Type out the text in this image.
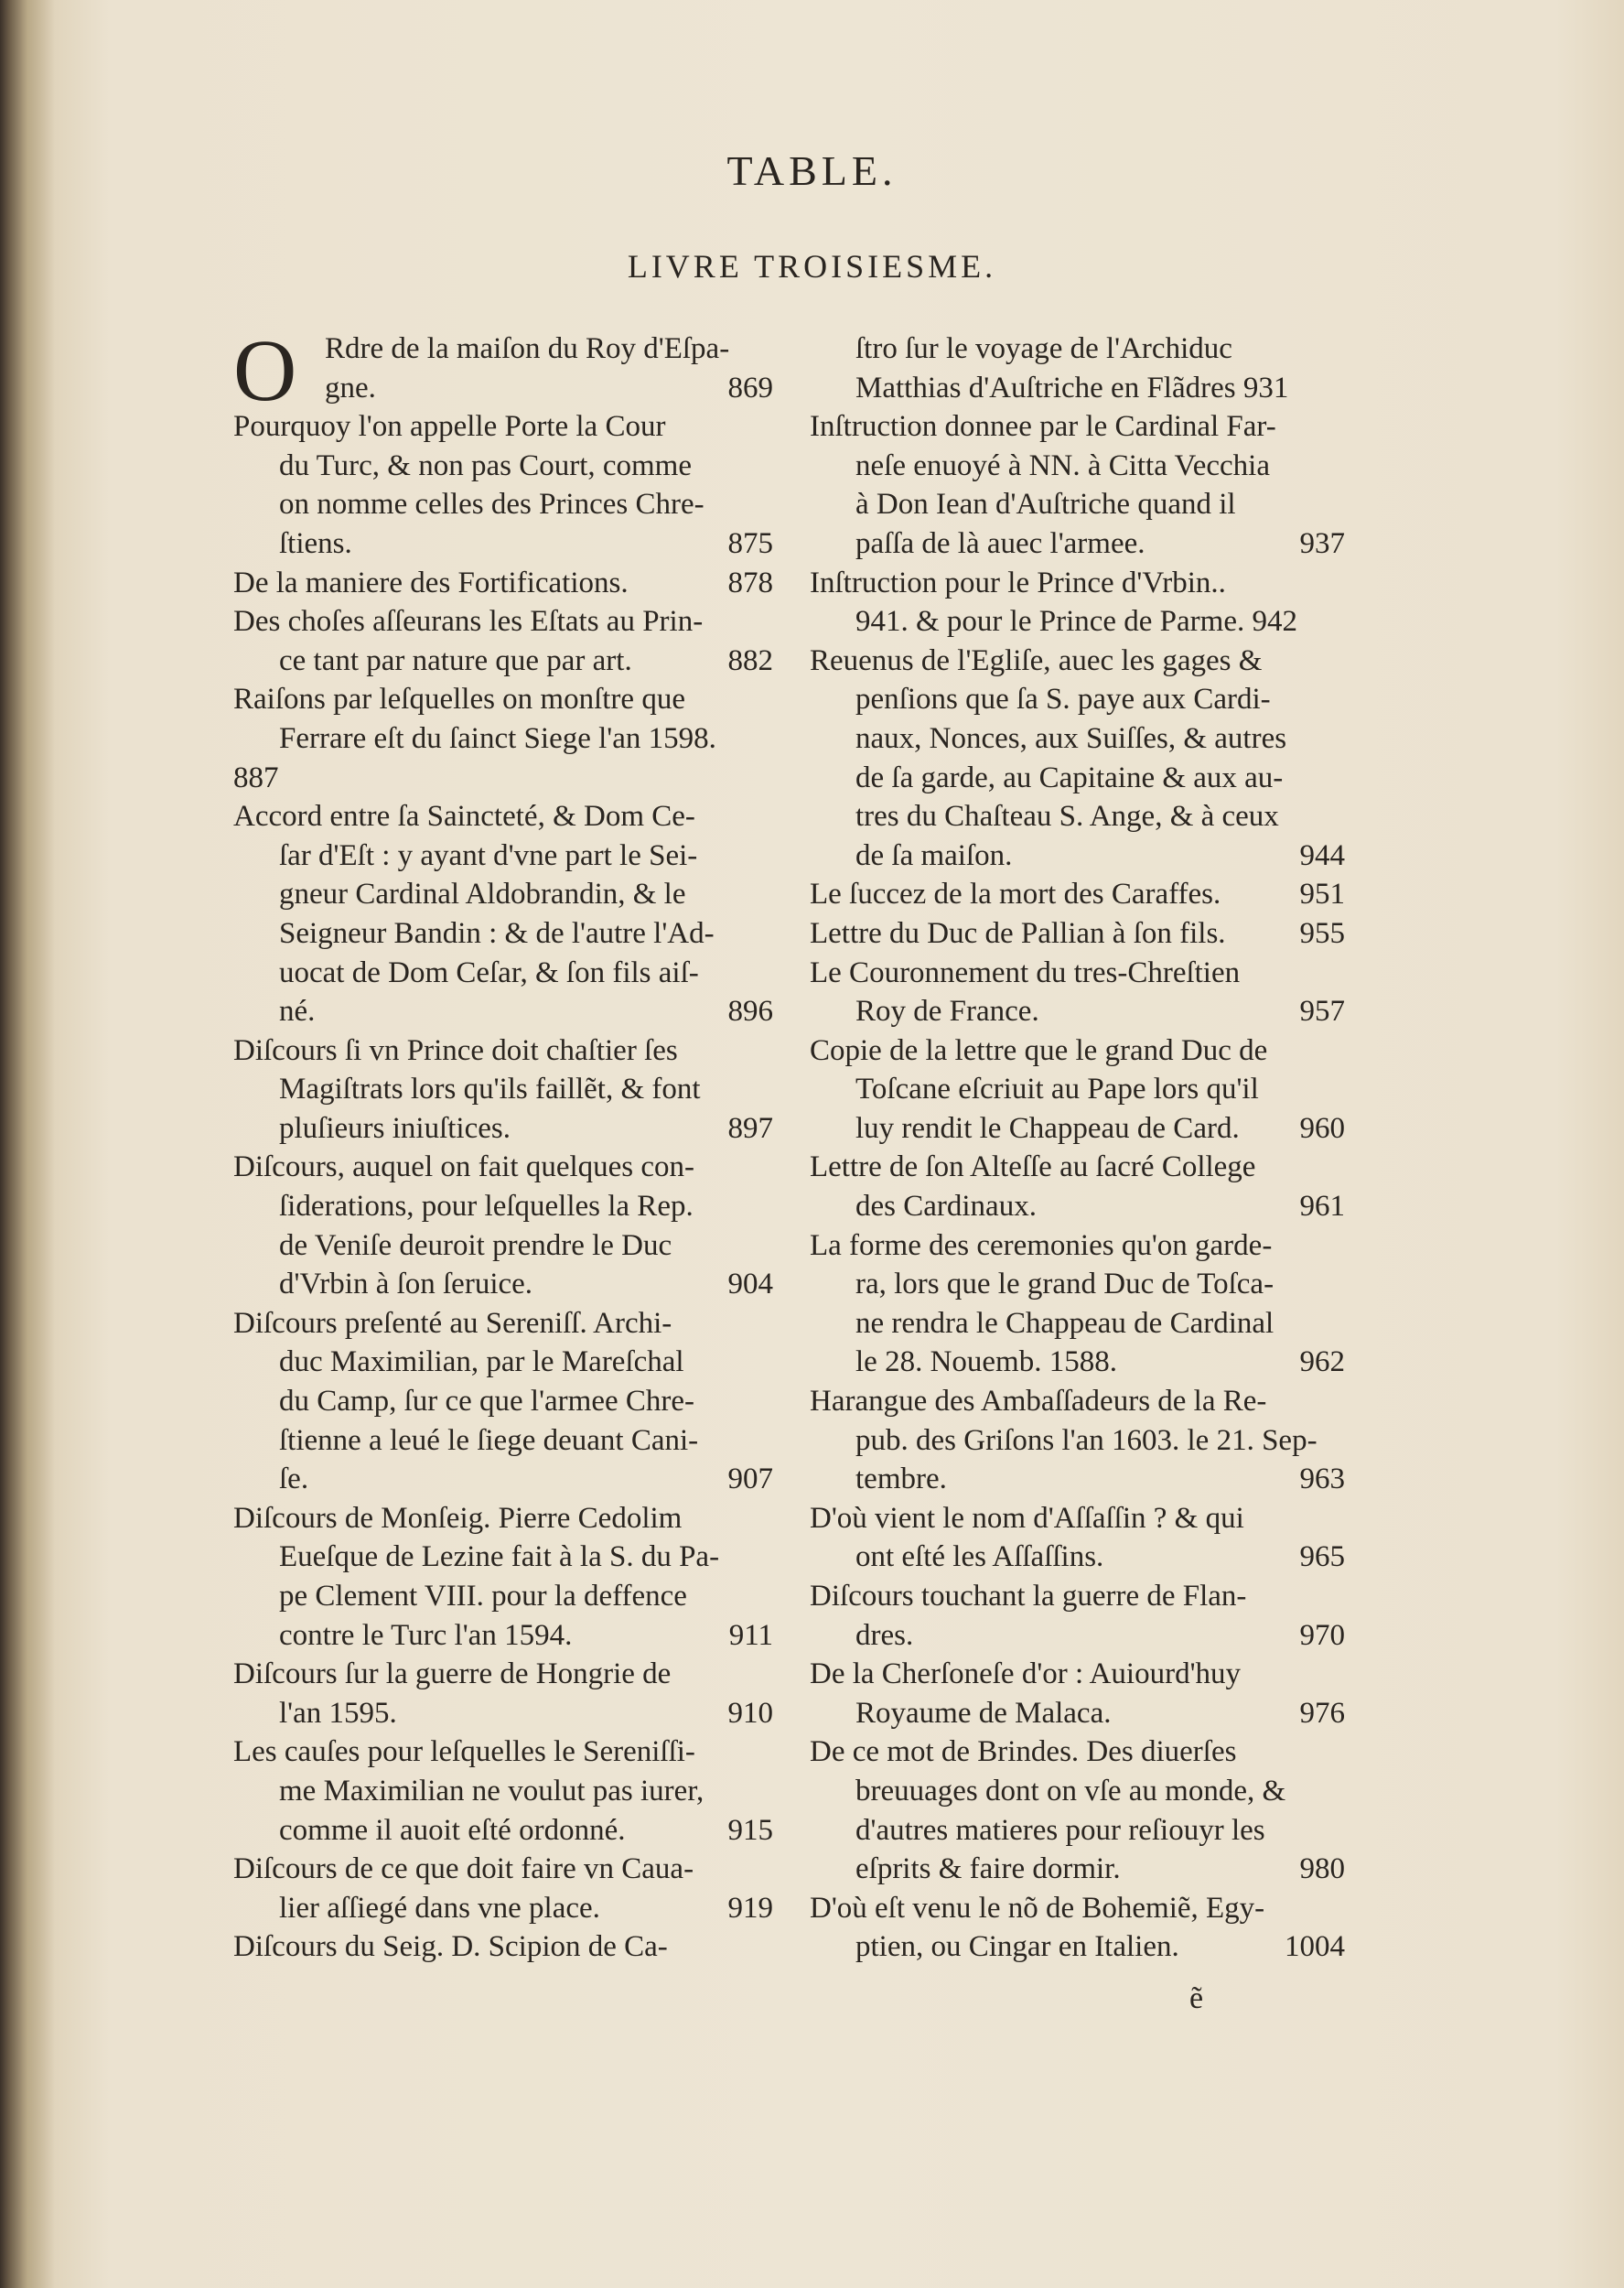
TABLE.
LIVRE TROISIESME.
O Rdre de la maiſon du Roy d'Eſpa-
gne.	869
Pourquoy l'on appelle Porte la Cour
du Turc, & non pas Court, comme
on nomme celles des Princes Chre-
ſtiens.	875
De la maniere des Fortifications.	878
Des choſes aſſeurans les Eſtats au Prin-
ce tant par nature que par art.	882
Raiſons par leſquelles on monſtre que
Ferrare eſt du ſainct Siege l'an 1598.
887
Accord entre ſa Saincteté, & Dom Ce-
ſar d'Eſt : y ayant d'vne part le Sei-
gneur Cardinal Aldobrandin, & le
Seigneur Bandin : & de l'autre l'Ad-
uocat de Dom Ceſar, & ſon fils aiſ-
né.	896
Diſcours ſi vn Prince doit chaſtier ſes
Magiſtrats lors qu'ils faillẽt, & font
pluſieurs iniuſtices.	897
Diſcours, auquel on fait quelques con-
ſiderations, pour leſquelles la Rep.
de Veniſe deuroit prendre le Duc
d'Vrbin à ſon ſeruice.	904
Diſcours preſenté au Sereniſſ. Archi-
duc Maximilian, par le Mareſchal
du Camp, ſur ce que l'armee Chre-
ſtienne a leué le ſiege deuant Cani-
ſe.	907
Diſcours de Monſeig. Pierre Cedolim
Eueſque de Lezine fait à la S. du Pa-
pe Clement VIII. pour la deffence
contre le Turc l'an 1594.	911
Diſcours ſur la guerre de Hongrie de
l'an 1595.	910
Les cauſes pour leſquelles le Sereniſſi-
me Maximilian ne voulut pas iurer,
comme il auoit eſté ordonné.	915
Diſcours de ce que doit faire vn Caua-
lier aſſiegé dans vne place.	919
Diſcours du Seig. D. Scipion de Ca-
ſtro ſur le voyage de l'Archiduc
Matthias d'Auſtriche en Flãdres 931
Inſtruction donnee par le Cardinal Far-
neſe enuoyé à NN. à Citta Vecchia
à Don Iean d'Auſtriche quand il
paſſa de là auec l'armee.	937
Inſtruction pour le Prince d'Vrbin..
941. & pour le Prince de Parme. 942
Reuenus de l'Egliſe, auec les gages &
penſions que ſa S. paye aux Cardi-
naux, Nonces, aux Suiſſes, & autres
de ſa garde, au Capitaine & aux au-
tres du Chaſteau S. Ange, & à ceux
de ſa maiſon.	944
Le ſuccez de la mort des Caraffes.	951
Lettre du Duc de Pallian à ſon fils. 955
Le Couronnement du tres-Chreſtien
Roy de France.	957
Copie de la lettre que le grand Duc de
Toſcane eſcriuit au Pape lors qu'il
luy rendit le Chappeau de Card. 960
Lettre de ſon Alteſſe au ſacré College
des Cardinaux.	961
La forme des ceremonies qu'on garde-
ra, lors que le grand Duc de Toſca-
ne rendra le Chappeau de Cardinal
le 28. Nouemb. 1588.	962
Harangue des Ambaſſadeurs de la Re-
pub. des Griſons l'an 1603. le 21. Sep-
tembre.	963
D'où vient le nom d'Aſſaſſin ? & qui
ont eſté les Aſſaſſins.	965
Diſcours touchant la guerre de Flan-
dres.	970
De la Cherſoneſe d'or : Auiourd'huy
Royaume de Malaca.	976
De ce mot de Brindes. Des diuerſes
breuuages dont on vſe au monde, &
d'autres matieres pour reſiouyr les
eſprits & faire dormir.	980
D'où eſt venu le nõ de Bohemiẽ, Egy-
ptien, ou Cingar en Italien.	1004
ẽ
